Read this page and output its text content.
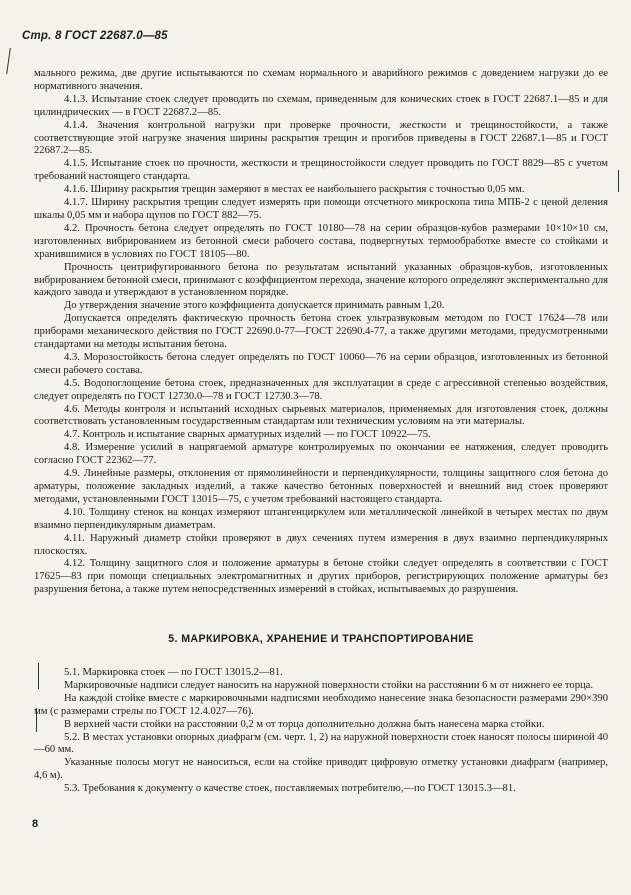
Стр. 8 ГОСТ 22687.0—85

мального режима, две другие испытываются по схемам нормального и аварийного режимов с доведением нагрузки до ее нормативного значения.

4.1.3. Испытание стоек следует проводить по схемам, приведенным для конических стоек в ГОСТ 22687.1—85 и для цилиндрических — в ГОСТ 22687.2—85.

4.1.4. Значения контрольной нагрузки при проверке прочности, жесткости и трещиностойкости, а также соответствующие этой нагрузке значения ширины раскрытия трещин и прогибов приведены в ГОСТ 22687.1—85 и ГОСТ 22687.2—85.

4.1.5. Испытание стоек по прочности, жесткости и трещиностойкости следует проводить по ГОСТ 8829—85 с учетом требований настоящего стандарта.

4.1.6. Ширину раскрытия трещин замеряют в местах ее наибольшего раскрытия с точностью 0,05 мм.

4.1.7. Ширину раскрытия трещин следует измерять при помощи отсчетного микроскопа типа МПБ-2 с ценой деления шкалы 0,05 мм и набора щупов по ГОСТ 882—75.

4.2. Прочность бетона следует определять по ГОСТ 10180—78 на серии образцов-кубов размерами 10×10×10 см, изготовленных вибрированием из бетонной смеси рабочего состава, подвергнутых термообработке вместе со стойками и хранившимися в условиях по ГОСТ 18105—80.

Прочность центрифугированного бетона по результатам испытаний указанных образцов-кубов, изготовленных вибрированием бетонной смеси, принимают с коэффициентом перехода, значение которого определяют экспериментально для каждого завода и утверждают в установленном порядке.

До утверждения значение этого коэффициента допускается принимать равным 1,20.

Допускается определять фактическую прочность бетона стоек ультразвуковым методом по ГОСТ 17624—78 или приборами механического действия по ГОСТ 22690.0-77—ГОСТ 22690.4-77, а также другими методами, предусмотренными стандартами на методы испытания бетона.

4.3. Морозостойкость бетона следует определять по ГОСТ 10060—76 на серии образцов, изготовленных из бетонной смеси рабочего состава.

4.5. Водопоглощение бетона стоек, предназначенных для эксплуатации в среде с агрессивной степенью воздействия, следует определять по ГОСТ 12730.0—78 и ГОСТ 12730.3—78.

4.6. Методы контроля и испытаний исходных сырьевых материалов, применяемых для изготовления стоек, должны соответствовать установленным государственным стандартам или техническим условиям на эти материалы.

4.7. Контроль и испытание сварных арматурных изделий — по ГОСТ 10922—75.

4.8. Измерение усилий в напрягаемой арматуре контролируемых по окончании ее натяжения, следует проводить согласно ГОСТ 22362—77.

4.9. Линейные размеры, отклонения от прямолинейности и перпендикулярности, толщины защитного слоя бетона до арматуры, положение закладных изделий, а также качество бетонных поверхностей и внешний вид стоек проверяют методами, установленными ГОСТ 13015—75, с учетом требований настоящего стандарта.

4.10. Толщину стенок на концах измеряют штангенциркулем или металлической линейкой в четырех местах по двум взаимно перпендикулярным диаметрам.

4.11. Наружный диаметр стойки проверяют в двух сечениях путем измерения в двух взаимно перпендикулярных плоскостях.

4.12. Толщину защитного слоя и положение арматуры в бетоне стойки следует определять в соответствии с ГОСТ 17625—83 при помощи специальных электромагнитных и других приборов, регистрирующих положение арматуры без разрушения бетона, а также путем непосредственных измерений в стойках, испытываемых до разрушения.

5. МАРКИРОВКА, ХРАНЕНИЕ И ТРАНСПОРТИРОВАНИЕ

5.1. Маркировка стоек — по ГОСТ 13015.2—81.

Маркировочные надписи следует наносить на наружной поверхности стойки на расстоянии 6 м от нижнего ее торца.

На каждой стойке вместе с маркировочными надписями необходимо нанесение знака безопасности размерами 290×390 мм (с размерами стрелы по ГОСТ 12.4.027—76).

В верхней части стойки на расстоянии 0,2 м от торца дополнительно должна быть нанесена марка стойки.

5.2. В местах установки опорных диафрагм (см. черт. 1, 2) на наружной поверхности стоек наносят полосы шириной 40—60 мм.

Указанные полосы могут не наноситься, если на стойке приводят цифровую отметку установки диафрагм (например, 4,6 м).

5.3. Требования к документу о качестве стоек, поставляемых потребителю,—по ГОСТ 13015.3—81.

8
